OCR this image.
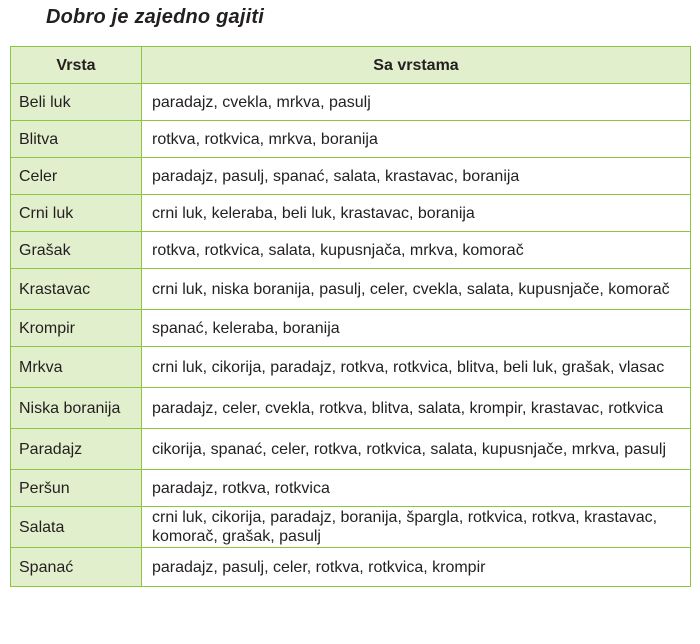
Dobro je zajedno gajiti
Vrsta	Sa vrstama
Beli luk	paradajz, cvekla, mrkva, pasulj
Blitva	rotkva, rotkvica, mrkva, boranija
Celer	paradajz, pasulj, spanać, salata, krastavac, boranija
Crni luk	crni luk, keleraba, beli luk, krastavac, boranija
Grašak	rotkva, rotkvica, salata, kupusnjača, mrkva, komorač
Krastavac	crni luk, niska boranija, pasulj, celer, cvekla, salata, kupusnjače, komorač
Krompir	spanać, keleraba, boranija
Mrkva	crni luk, cikorija, paradajz, rotkva, rotkvica, blitva, beli luk, grašak, vlasac
Niska boranija	paradajz, celer, cvekla, rotkva, blitva, salata, krompir, krastavac, rotkvica
Paradajz	cikorija, spanać, celer, rotkva, rotkvica, salata, kupusnjače, mrkva, pasulj
Peršun	paradajz, rotkva, rotkvica
Salata	crni luk, cikorija, paradajz, boranija, špargla, rotkvica, rotkva, krastavac, komorač, grašak, pasulj
Spanać	paradajz, pasulj, celer, rotkva, rotkvica, krompir
